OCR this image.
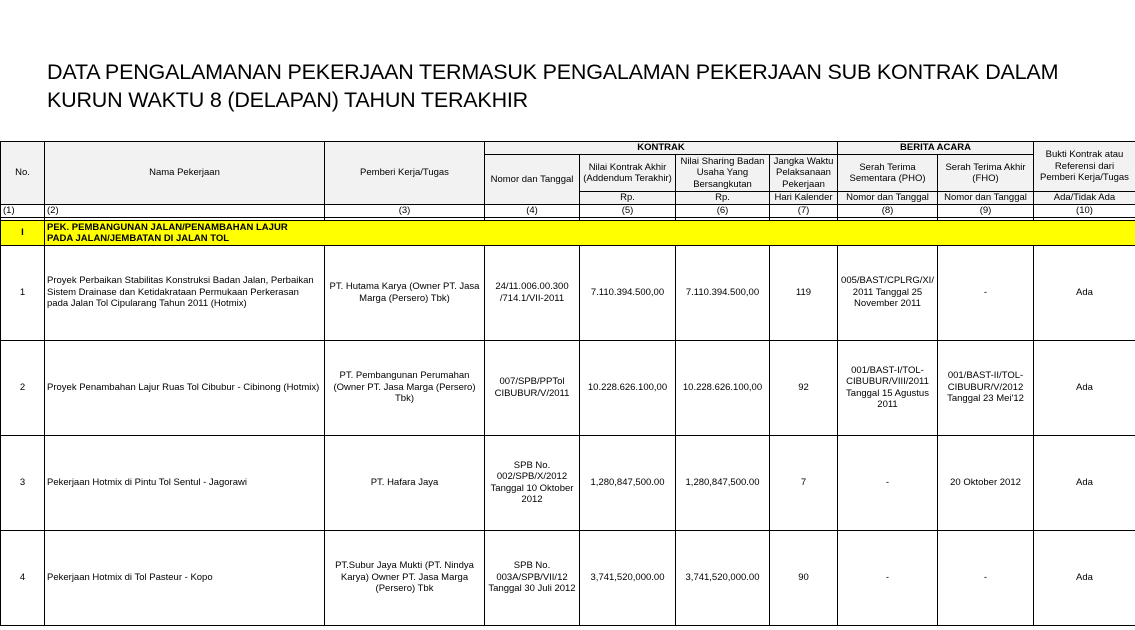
DATA PENGALAMANAN PEKERJAAN TERMASUK PENGALAMAN PEKERJAAN SUB KONTRAK DALAM
KURUN WAKTU 8 (DELAPAN) TAHUN TERAKHIR
No.	Nama Pekerjaan	Pemberi Kerja/Tugas	KONTRAK				BERITA ACARA		Bukti Kontrak atau Referensi dari Pemberi Kerja/Tugas
			Nomor dan Tanggal	Nilai Kontrak Akhir (Addendum Terakhir)	Nilai Sharing Badan Usaha Yang Bersangkutan	Jangka Waktu Pelaksanaan Pekerjaan	Serah Terima Sementara (PHO)	Serah Terima Akhir (FHO)	
				Rp.	Rp.	Hari Kalender	Nomor dan Tanggal	Nomor dan Tanggal	Ada/Tidak Ada
(1)	(2)	(3)	(4)	(5)	(6)	(7)	(8)	(9)	(10)

I	PEK. PEMBANGUNAN JALAN/PENAMBAHAN LAJUR
PADA JALAN/JEMBATAN DI JALAN TOL								

1	Proyek Perbaikan Stabilitas Konstruksi Badan Jalan, Perbaikan Sistem Drainase dan Ketidakrataan Permukaan Perkerasan pada Jalan Tol Cipularang Tahun 2011 (Hotmix)	PT. Hutama Karya (Owner PT. Jasa Marga (Persero) Tbk)	24/11.006.00.300 /714.1/VII-2011	7.110.394.500,00	7.110.394.500,00	119	005/BAST/CPLRG/XI/ 2011 Tanggal 25 November 2011	-	Ada
2	Proyek Penambahan Lajur Ruas Tol Cibubur - Cibinong (Hotmix)	PT. Pembangunan Perumahan (Owner PT. Jasa Marga (Persero) Tbk)	007/SPB/PPTol CIBUBUR/V/2011	10.228.626.100,00	10.228.626.100,00	92	001/BAST-I/TOL-CIBUBUR/VIII/2011 Tanggal 15 Agustus 2011	001/BAST-II/TOL-CIBUBUR/V/2012 Tanggal 23 Mei'12	Ada
3	Pekerjaan Hotmix di Pintu Tol Sentul - Jagorawi	PT. Hafara Jaya	SPB No. 002/SPB/X/2012 Tanggal 10 Oktober 2012	1,280,847,500.00	1,280,847,500.00	7	-	20 Oktober 2012	Ada
4	Pekerjaan Hotmix di Tol Pasteur - Kopo	PT.Subur Jaya Mukti (PT. Nindya Karya) Owner PT. Jasa Marga (Persero) Tbk	SPB No. 003A/SPB/VII/12 Tanggal 30 Juli 2012	3,741,520,000.00	3,741,520,000.00	90	-	-	Ada
